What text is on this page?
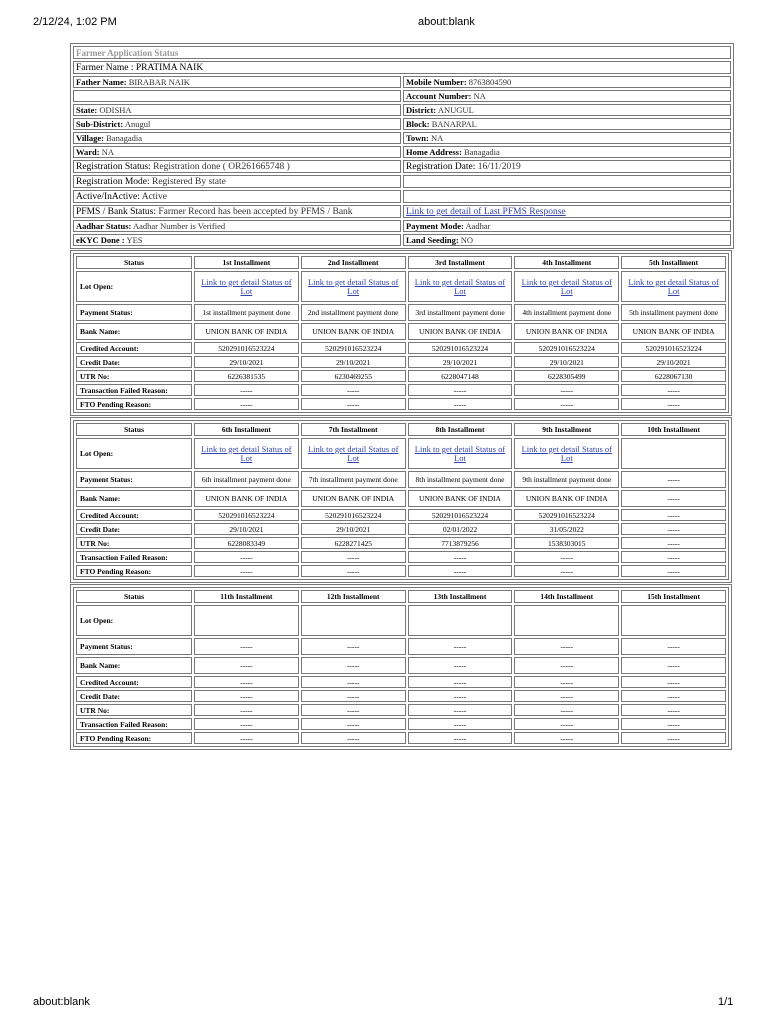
2/12/24, 1:02 PM	about:blank
Farmer Application Status	
Farmer Name : PRATIMA NAIK	
Father Name: BIRABAR NAIK	Mobile Number: 8763804590
	Account Number: NA
State: ODISHA	District: ANUGUL
Sub-District: Anugul	Block: BANARPAL
Village: Banagadia	Town: NA
Ward: NA	Home Address: Banagadia
Registration Status: Registration done ( OR261665748 )	Registration Date: 16/11/2019
Registration Mode: Registered By state	
Active/InActive: Active	
PFMS / Bank Status: Farmer Record has been accepted by PFMS / Bank	Link to get detail of Last PFMS Response
Aadhar Status: Aadhar Number is Verified	Payment Mode: Aadhar
eKYC Done : YES	Land Seeding: NO
Status	1st Installment	2nd Installment	3rd Installment	4th Installment	5th Installment
Lot Open:	Link to get detail Status of Lot	Link to get detail Status of Lot	Link to get detail Status of Lot	Link to get detail Status of Lot	Link to get detail Status of Lot
Payment Status:	1st installment payment done	2nd installment payment done	3rd installment payment done	4th installment payment done	5th installment payment done
Bank Name:	UNION BANK OF INDIA	UNION BANK OF INDIA	UNION BANK OF INDIA	UNION BANK OF INDIA	UNION BANK OF INDIA
Credited Account:	520291016523224	520291016523224	520291016523224	520291016523224	520291016523224
Credit Date:	29/10/2021	29/10/2021	29/10/2021	29/10/2021	29/10/2021
UTR No:	6226381535	6230469255	6228047148	6228305499	6228067130
Transaction Failed Reason:	-----	-----	-----	-----	-----
FTO Pending Reason:	-----	-----	-----	-----	-----
Status	6th Installment	7th Installment	8th Installment	9th Installment	10th Installment
Lot Open:	Link to get detail Status of Lot	Link to get detail Status of Lot	Link to get detail Status of Lot	Link to get detail Status of Lot	
Payment Status:	6th installment payment done	7th installment payment done	8th installment payment done	9th installment payment done	-----
Bank Name:	UNION BANK OF INDIA	UNION BANK OF INDIA	UNION BANK OF INDIA	UNION BANK OF INDIA	-----
Credited Account:	520291016523224	520291016523224	520291016523224	520291016523224	-----
Credit Date:	29/10/2021	29/10/2021	02/01/2022	31/05/2022	-----
UTR No:	6228083349	6228271425	7713879256	1538303015	-----
Transaction Failed Reason:	-----	-----	-----	-----	-----
FTO Pending Reason:	-----	-----	-----	-----	-----
Status	11th Installment	12th Installment	13th Installment	14th Installment	15th Installment
Lot Open:					
Payment Status:	-----	-----	-----	-----	-----
Bank Name:	-----	-----	-----	-----	-----
Credited Account:	-----	-----	-----	-----	-----
Credit Date:	-----	-----	-----	-----	-----
UTR No:	-----	-----	-----	-----	-----
Transaction Failed Reason:	-----	-----	-----	-----	-----
FTO Pending Reason:	-----	-----	-----	-----	-----
about:blank	1/1
